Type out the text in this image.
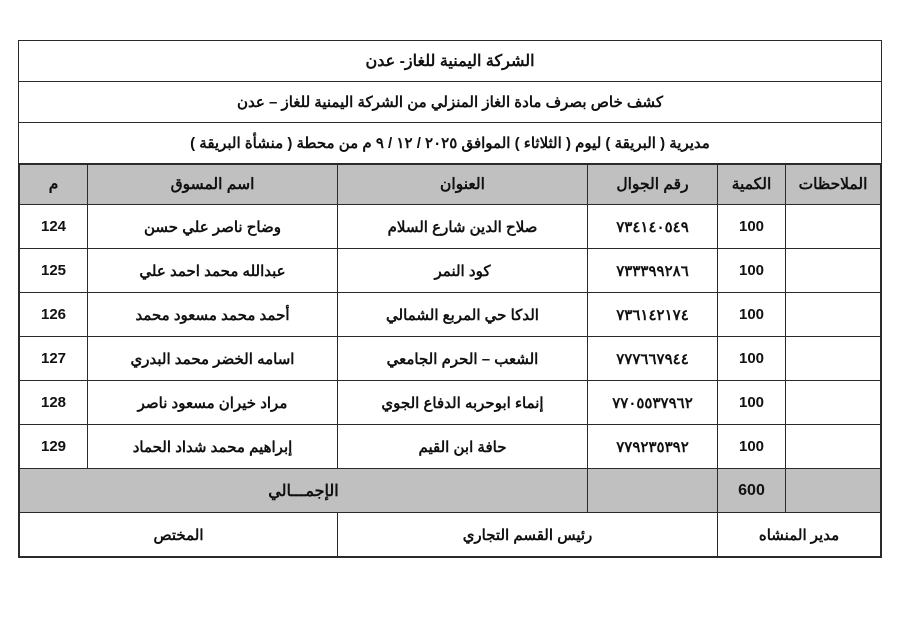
الشركة اليمنية للغاز- عدن
كشف خاص بصرف مادة الغاز المنزلي من الشركة اليمنية للغاز – عدن
مديرية ( البريقة ) ليوم ( الثلاثاء ) الموافق ٢٠٢٥ / ١٢ / ٩ م من محطة ( منشأة البريقة )
الملاحظات	الكمية	رقم الجوال	العنوان	اسم المسوق	م
	100	٧٣٤١٤٠٥٤٩	صلاح الدين شارع السلام	وضاح ناصر علي حسن	124
	100	٧٣٣٣٩٩٢٨٦	كود النمر	عبدالله محمد احمد علي	125
	100	٧٣٦١٤٢١٧٤	الدكا حي المربع الشمالي	أحمد محمد مسعود محمد	126
	100	٧٧٧٦٦٧٩٤٤	الشعب – الحرم الجامعي	اسامه الخضر محمد البدري	127
	100	٧٧٠٥٥٣٧٩٦٢	إنماء ابوحربه الدفاع الجوي	مراد خيران مسعود ناصر	128
	100	٧٧٩٢٣٥٣٩٢	حافة ابن القيم	إبراهيم محمد شداد الحماد	129
	600		الإجمـــالي		
مدير المنشاه		رئيس القسم التجاري		المختص	
